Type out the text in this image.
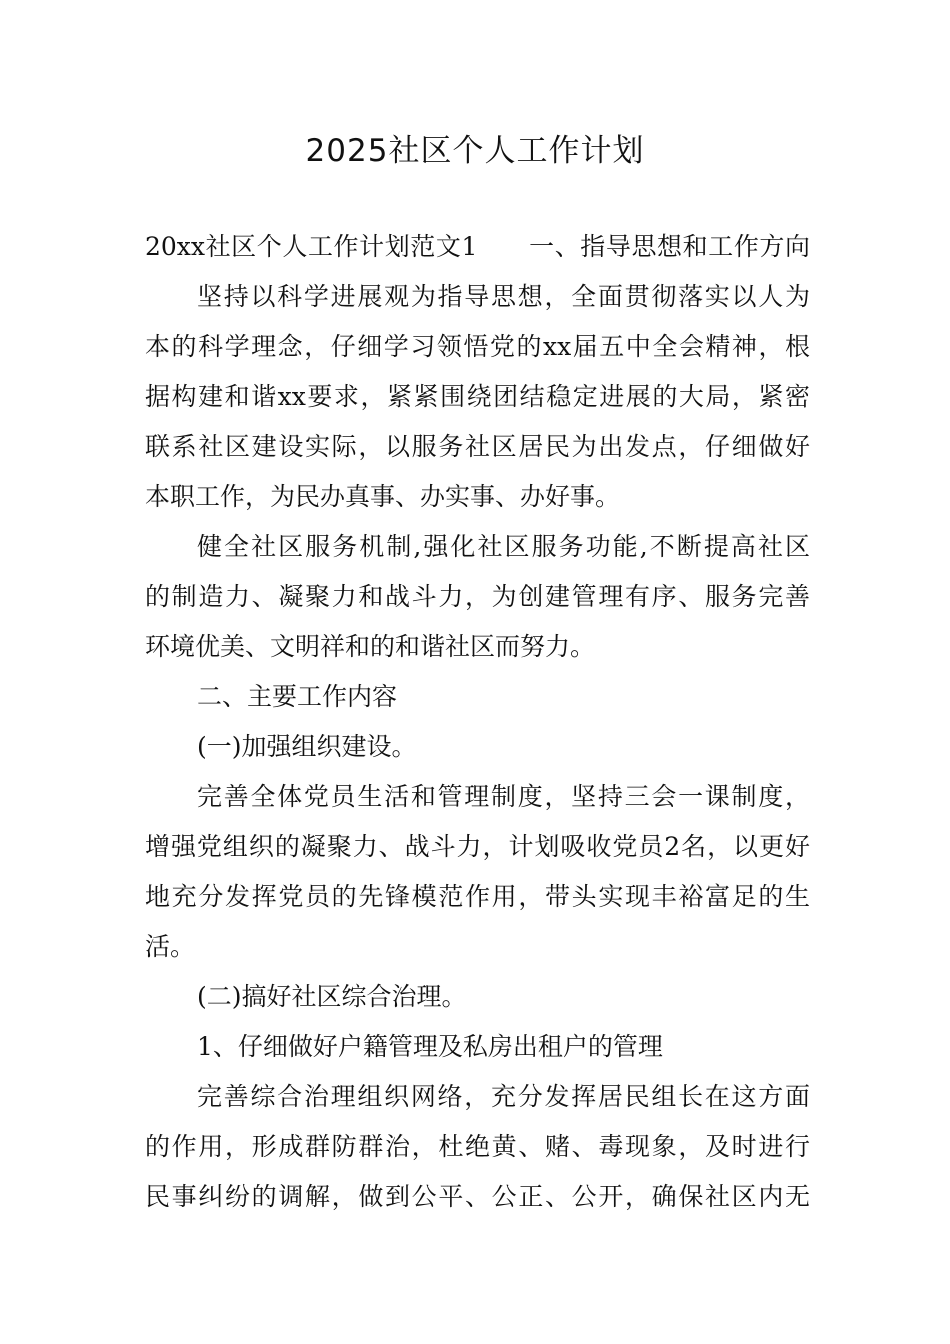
2025社区个人工作计划
20xx社区个人工作计划范文1　　一、指导思想和工作方向
坚持以科学进展观为指导思想，全面贯彻落实以人为
本的科学理念，仔细学习领悟党的xx届五中全会精神，根
据构建和谐xx要求，紧紧围绕团结稳定进展的大局，紧密
联系社区建设实际，以服务社区居民为出发点，仔细做好
本职工作，为民办真事、办实事、办好事。
健全社区服务机制,强化社区服务功能,不断提高社区
的制造力、凝聚力和战斗力，为创建管理有序、服务完善
环境优美、文明祥和的和谐社区而努力。
二、主要工作内容
(一)加强组织建设。
完善全体党员生活和管理制度，坚持三会一课制度，
增强党组织的凝聚力、战斗力，计划吸收党员2名，以更好
地充分发挥党员的先锋模范作用，带头实现丰裕富足的生
活。
(二)搞好社区综合治理。
1、仔细做好户籍管理及私房出租户的管理
完善综合治理组织网络，充分发挥居民组长在这方面
的作用，形成群防群治，杜绝黄、赌、毒现象，及时进行
民事纠纷的调解，做到公平、公正、公开，确保社区内无
